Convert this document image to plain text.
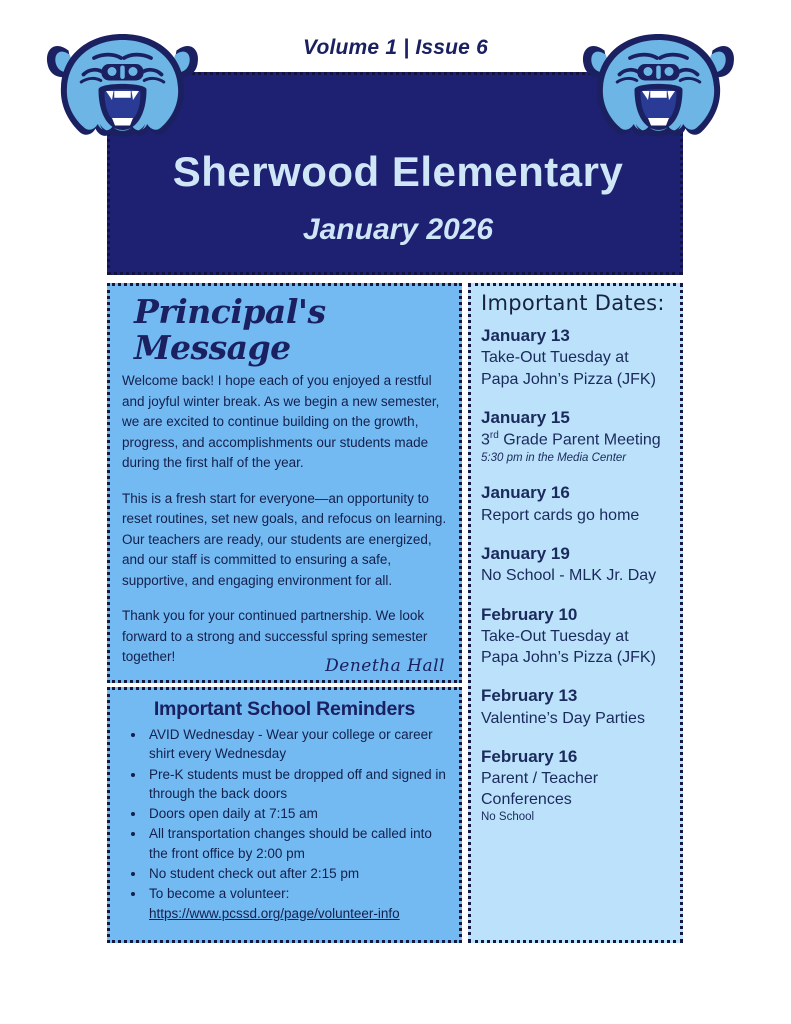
Volume 1 | Issue 6
Sherwood Elementary
January 2026
Principal's Message

Welcome back! I hope each of you enjoyed a restful and joyful winter break. As we begin a new semester, we are excited to continue building on the growth, progress, and accomplishments our students made during the first half of the year.

This is a fresh start for everyone—an opportunity to reset routines, set new goals, and refocus on learning. Our teachers are ready, our students are energized, and our staff is committed to ensuring a safe, supportive, and engaging environment for all.

Thank you for your continued partnership. We look forward to a strong and successful spring semester together!	Denetha Hall
Important School Reminders
• AVID Wednesday - Wear your college or career shirt every Wednesday
• Pre-K students must be dropped off and signed in through the back doors
• Doors open daily at 7:15 am
• All transportation changes should be called into the front office by 2:00 pm
• No student check out after 2:15 pm
• To become a volunteer:
https://www.pcssd.org/page/volunteer-info
Important Dates:
January 13
Take-Out Tuesday at
Papa John’s Pizza (JFK)
January 15
3rd Grade Parent Meeting
5:30 pm in the Media Center
January 16
Report cards go home
January 19
No School - MLK Jr. Day
February 10
Take-Out Tuesday at
Papa John’s Pizza (JFK)
February 13
Valentine’s Day Parties
February 16
Parent / Teacher
Conferences
No School
